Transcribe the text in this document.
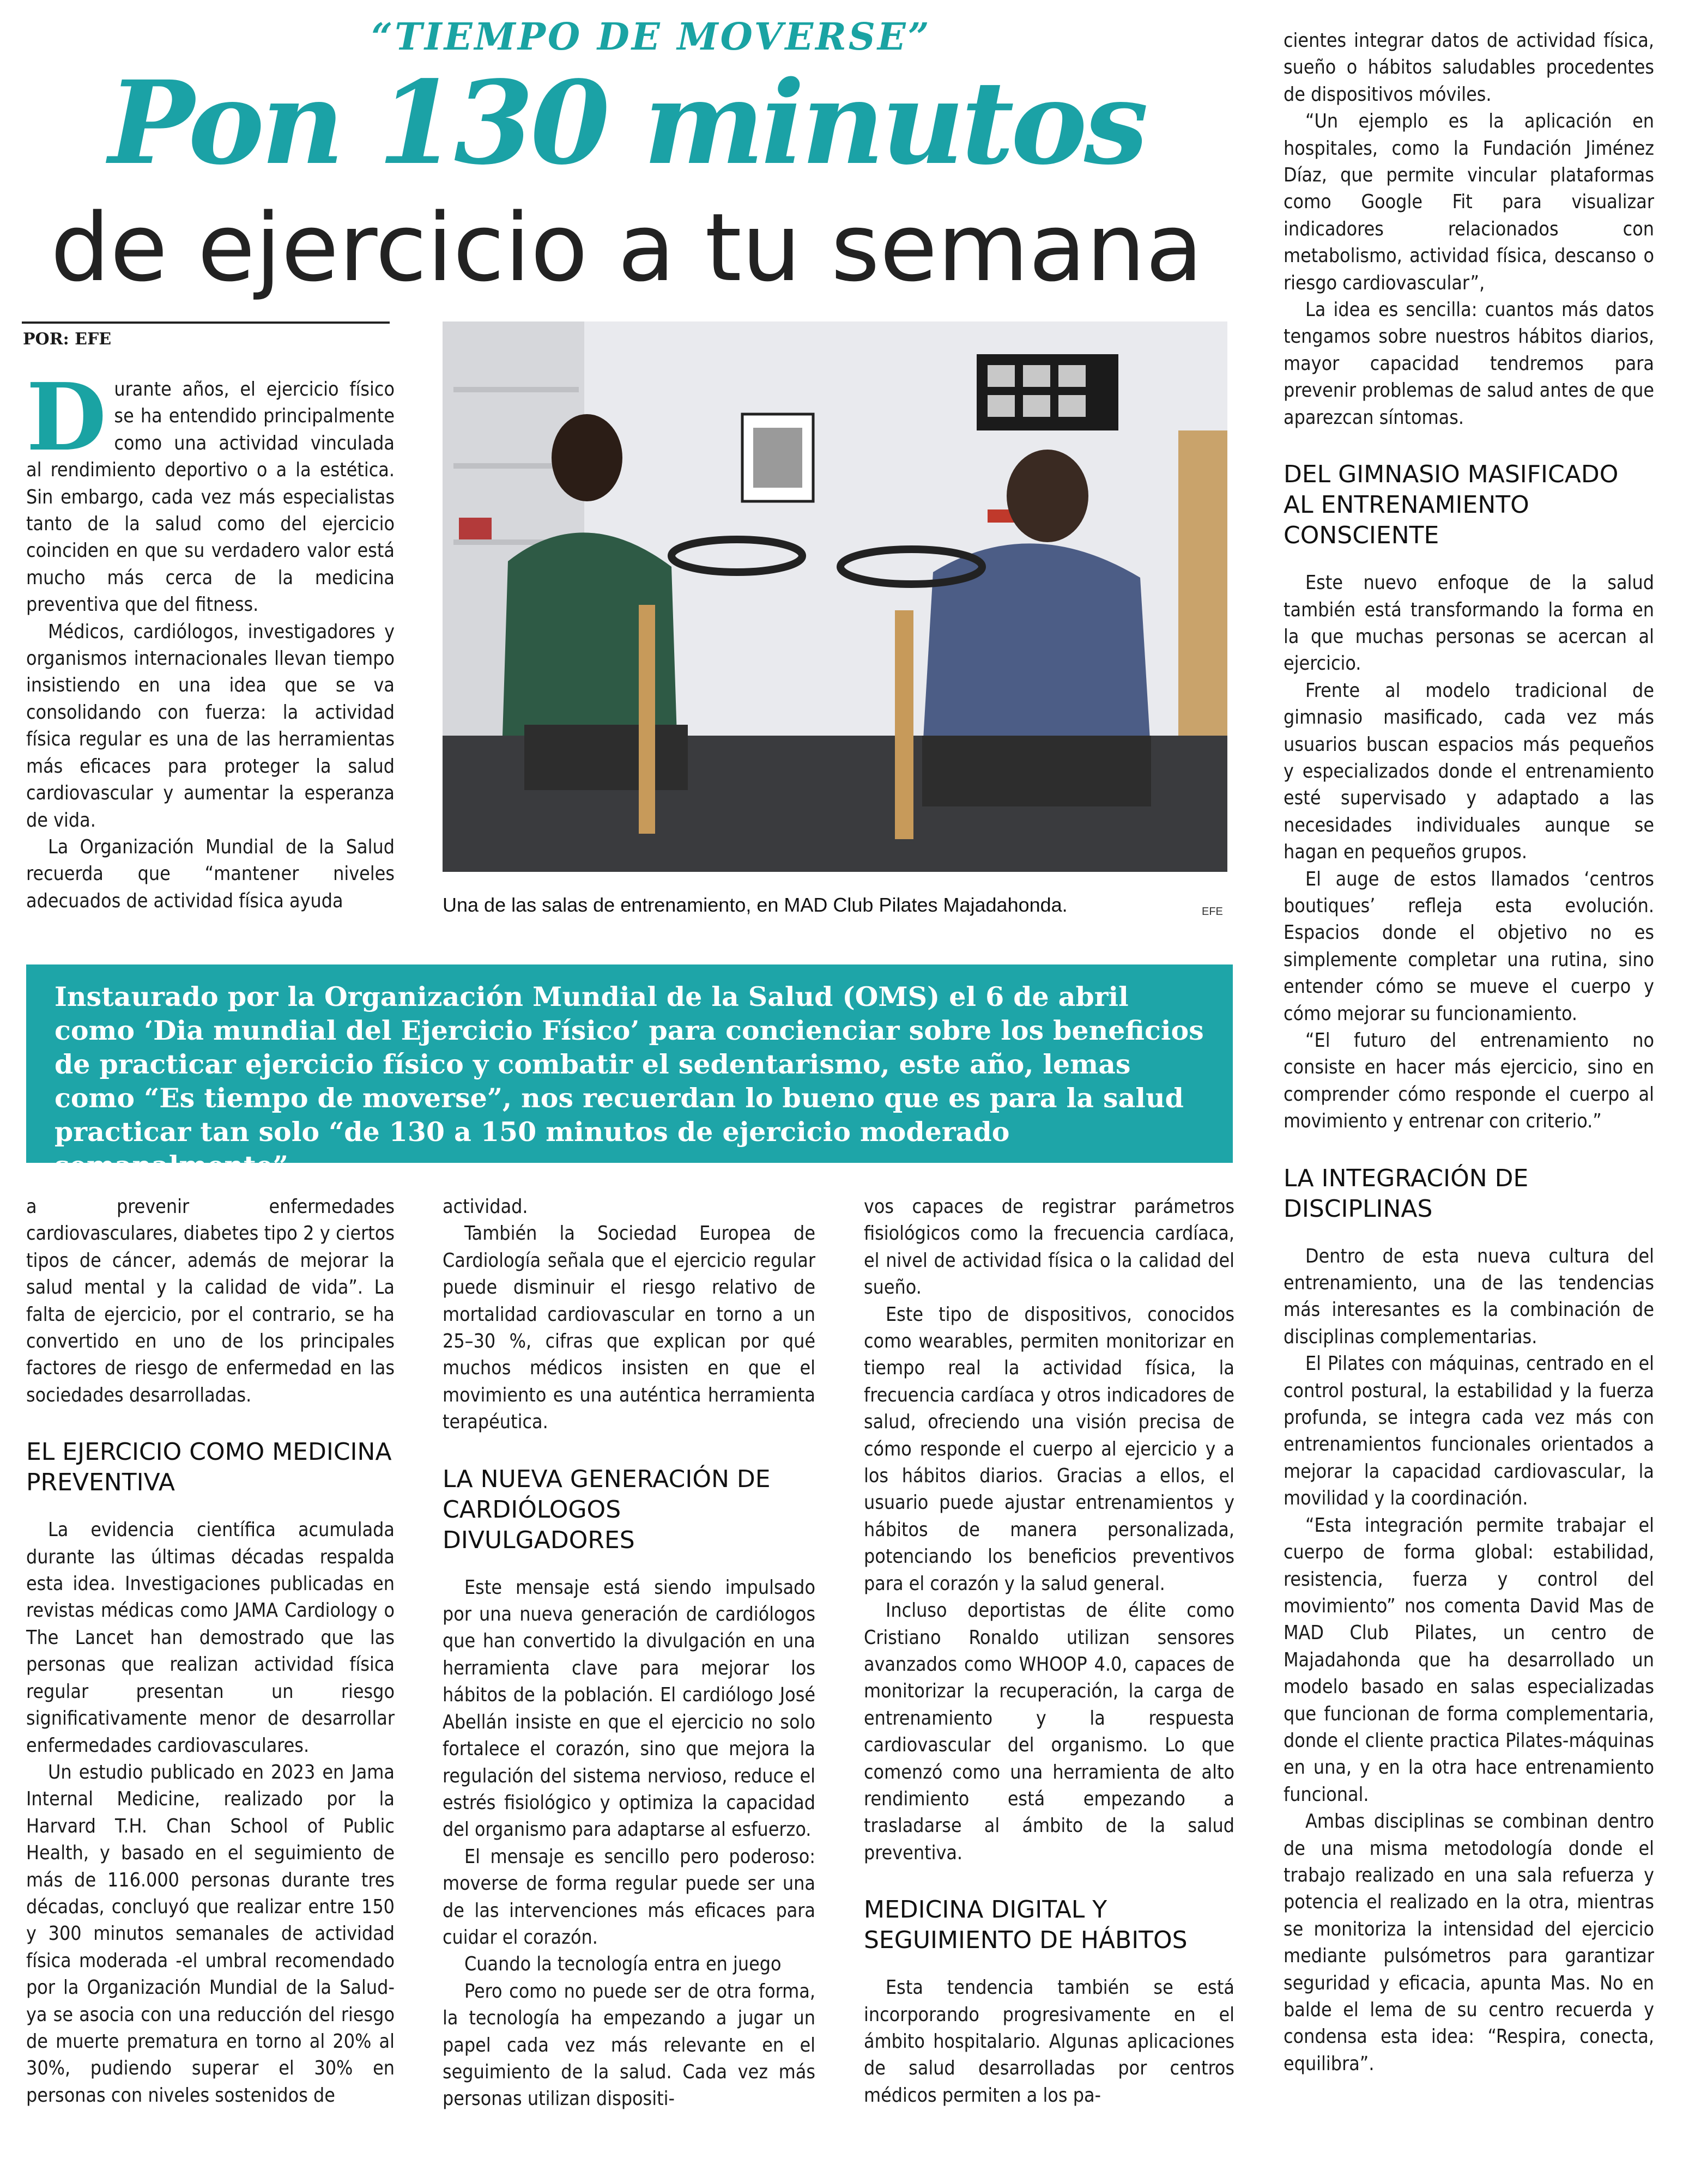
“TIEMPO DE MOVERSE”
Pon 130 minutos
de ejercicio a tu semana
POR: EFE

Durante años, el ejercicio físico se ha entendido principalmente como una actividad vinculada al rendimiento deportivo o a la estética. Sin embargo, cada vez más especialistas tanto de la salud como del ejercicio coinciden en que su verdadero valor está mucho más cerca de la medicina preventiva que del fitness.

Médicos, cardiólogos, investigadores y organismos internacionales llevan tiempo insistiendo en una idea que se va consolidando con fuerza: la actividad física regular es una de las herramientas más eficaces para proteger la salud cardiovascular y aumentar la esperanza de vida.

La Organización Mundial de la Salud recuerda que “mantener niveles adecuados de actividad física ayuda	Una de las salas de entrenamiento, en MAD Club Pilates Majadahonda.	EFE
Instaurado por la Organización Mundial de la Salud (OMS) el 6 de abril como ‘Dia mundial del Ejercicio Físico’ para concienciar sobre los beneficios de practicar ejercicio físico y combatir el sedentarismo, este año, lemas como “Es tiempo de moverse”, nos recuerdan lo bueno que es para la salud practicar tan solo “de 130 a 150 minutos de ejercicio moderado semanalmente”.

a prevenir enfermedades cardiovasculares, diabetes tipo 2 y ciertos tipos de cáncer, además de mejorar la salud mental y la calidad de vida”. La falta de ejercicio, por el contrario, se ha convertido en uno de los principales factores de riesgo de enfermedad en las sociedades desarrolladas.

EL EJERCICIO COMO MEDICINA PREVENTIVA

La evidencia científica acumulada durante las últimas décadas respalda esta idea. Investigaciones publicadas en revistas médicas como JAMA Cardiology o The Lancet han demostrado que las personas que realizan actividad física regular presentan un riesgo significativamente menor de desarrollar enfermedades cardiovasculares.

Un estudio publicado en 2023 en Jama Internal Medicine, realizado por la Harvard T.H. Chan School of Public Health, y basado en el seguimiento de más de 116.000 personas durante tres décadas, concluyó que realizar entre 150 y 300 minutos semanales de actividad física moderada -el umbral recomendado por la Organización Mundial de la Salud- ya se asocia con una reducción del riesgo de muerte prematura en torno al 20% al 30%, pudiendo superar el 30% en personas con niveles sostenidos de

actividad.

También la Sociedad Europea de Cardiología señala que el ejercicio regular puede disminuir el riesgo relativo de mortalidad cardiovascular en torno a un 25–30 %, cifras que explican por qué muchos médicos insisten en que el movimiento es una auténtica herramienta terapéutica.

LA NUEVA GENERACIÓN DE CARDIÓLOGOS DIVULGADORES

Este mensaje está siendo impulsado por una nueva generación de cardiólogos que han convertido la divulgación en una herramienta clave para mejorar los hábitos de la población. El cardiólogo José Abellán insiste en que el ejercicio no solo fortalece el corazón, sino que mejora la regulación del sistema nervioso, reduce el estrés fisiológico y optimiza la capacidad del organismo para adaptarse al esfuerzo.

El mensaje es sencillo pero poderoso: moverse de forma regular puede ser una de las intervenciones más eficaces para cuidar el corazón.

Cuando la tecnología entra en juego

Pero como no puede ser de otra forma, la tecnología ha empezando a jugar un papel cada vez más relevante en el seguimiento de la salud. Cada vez más personas utilizan dispositi-

vos capaces de registrar parámetros fisiológicos como la frecuencia cardíaca, el nivel de actividad física o la calidad del sueño.

Este tipo de dispositivos, conocidos como wearables, permiten monitorizar en tiempo real la actividad física, la frecuencia cardíaca y otros indicadores de salud, ofreciendo una visión precisa de cómo responde el cuerpo al ejercicio y a los hábitos diarios. Gracias a ellos, el usuario puede ajustar entrenamientos y hábitos de manera personalizada, potenciando los beneficios preventivos para el corazón y la salud general.

Incluso deportistas de élite como Cristiano Ronaldo utilizan sensores avanzados como WHOOP 4.0, capaces de monitorizar la recuperación, la carga de entrenamiento y la respuesta cardiovascular del organismo. Lo que comenzó como una herramienta de alto rendimiento está empezando a trasladarse al ámbito de la salud preventiva.

MEDICINA DIGITAL Y SEGUIMIENTO DE HÁBITOS

Esta tendencia también se está incorporando progresivamente en el ámbito hospitalario. Algunas aplicaciones de salud desarrolladas por centros médicos permiten a los pa-

cientes integrar datos de actividad física, sueño o hábitos saludables procedentes de dispositivos móviles.

“Un ejemplo es la aplicación en hospitales, como la Fundación Jiménez Díaz, que permite vincular plataformas como Google Fit para visualizar indicadores relacionados con metabolismo, actividad física, descanso o riesgo cardiovascular”,

La idea es sencilla: cuantos más datos tengamos sobre nuestros hábitos diarios, mayor capacidad tendremos para prevenir problemas de salud antes de que aparezcan síntomas.

DEL GIMNASIO MASIFICADO AL ENTRENAMIENTO CONSCIENTE

Este nuevo enfoque de la salud también está transformando la forma en la que muchas personas se acercan al ejercicio.

Frente al modelo tradicional de gimnasio masificado, cada vez más usuarios buscan espacios más pequeños y especializados donde el entrenamiento esté supervisado y adaptado a las necesidades individuales aunque se hagan en pequeños grupos.

El auge de estos llamados ‘centros boutiques’ refleja esta evolución. Espacios donde el objetivo no es simplemente completar una rutina, sino entender cómo se mueve el cuerpo y cómo mejorar su funcionamiento.

“El futuro del entrenamiento no consiste en hacer más ejercicio, sino en comprender cómo responde el cuerpo al movimiento y entrenar con criterio.”

LA INTEGRACIÓN DE DISCIPLINAS

Dentro de esta nueva cultura del entrenamiento, una de las tendencias más interesantes es la combinación de disciplinas complementarias.

El Pilates con máquinas, centrado en el control postural, la estabilidad y la fuerza profunda, se integra cada vez más con entrenamientos funcionales orientados a mejorar la capacidad cardiovascular, la movilidad y la coordinación.

“Esta integración permite trabajar el cuerpo de forma global: estabilidad, resistencia, fuerza y control del movimiento” nos comenta David Mas de MAD Club Pilates, un centro de Majadahonda que ha desarrollado un modelo basado en salas especializadas que funcionan de forma complementaria, donde el cliente practica Pilates-máquinas en una, y en la otra hace entrenamiento funcional.

Ambas disciplinas se combinan dentro de una misma metodología donde el trabajo realizado en una sala refuerza y potencia el realizado en la otra, mientras se monitoriza la intensidad del ejercicio mediante pulsómetros para garantizar seguridad y eficacia, apunta Mas. No en balde el lema de su centro recuerda y condensa esta idea: “Respira, conecta, equilibra”.
